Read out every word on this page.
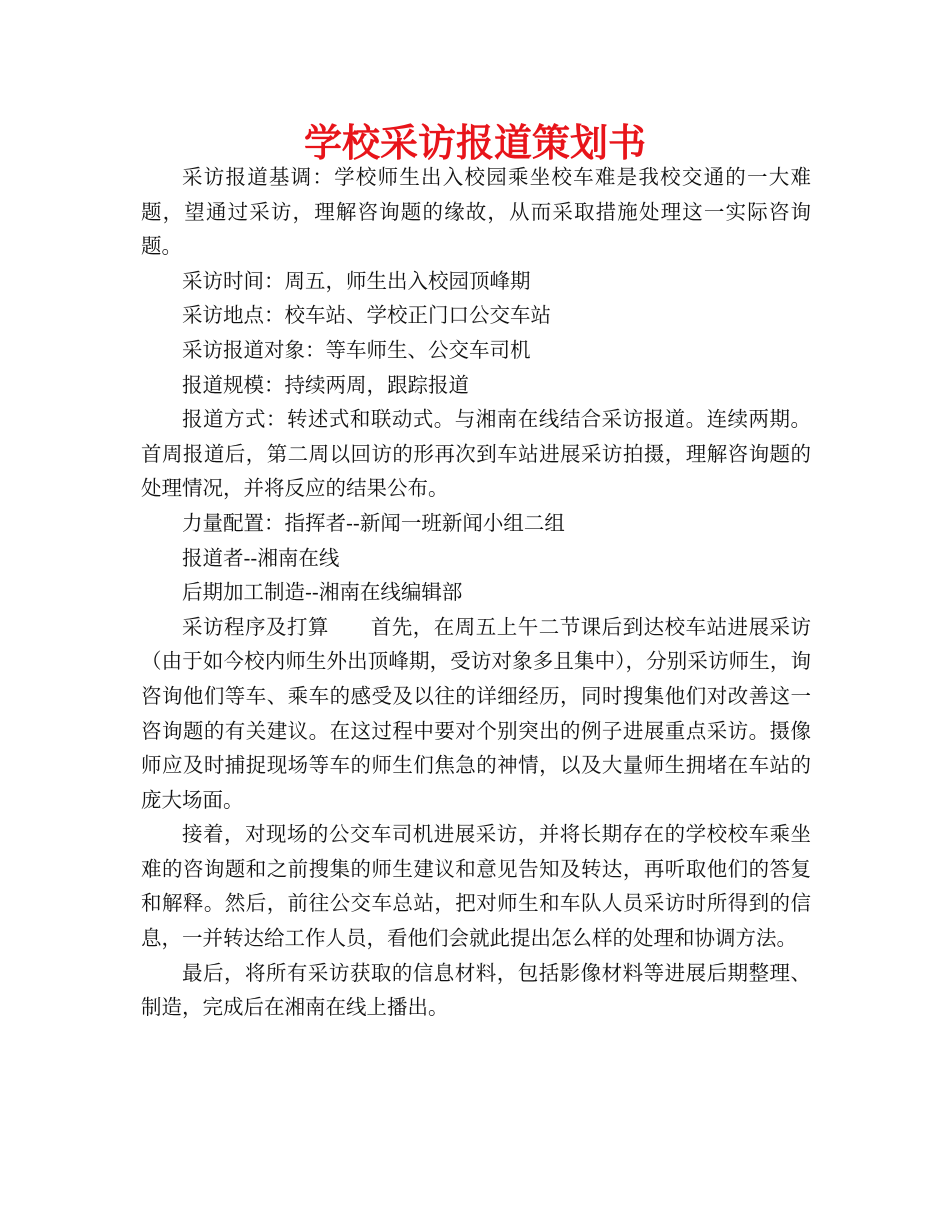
学校采访报道策划书

采访报道基调：学校师生出入校园乘坐校车难是我校交通的一大难题，望通过采访，理解咨询题的缘故，从而采取措施处理这一实际咨询题。

采访时间：周五，师生出入校园顶峰期

采访地点：校车站、学校正门口公交车站

采访报道对象：等车师生、公交车司机

报道规模：持续两周，跟踪报道

报道方式：转述式和联动式。与湘南在线结合采访报道。连续两期。首周报道后，第二周以回访的形再次到车站进展采访拍摄，理解咨询题的处理情况，并将反应的结果公布。

力量配置：指挥者--新闻一班新闻小组二组

报道者--湘南在线

后期加工制造--湘南在线编辑部

采访程序及打算　　首先，在周五上午二节课后到达校车站进展采访（由于如今校内师生外出顶峰期，受访对象多且集中），分别采访师生，询咨询他们等车、乘车的感受及以往的详细经历，同时搜集他们对改善这一咨询题的有关建议。在这过程中要对个别突出的例子进展重点采访。摄像师应及时捕捉现场等车的师生们焦急的神情，以及大量师生拥堵在车站的庞大场面。

接着，对现场的公交车司机进展采访，并将长期存在的学校校车乘坐难的咨询题和之前搜集的师生建议和意见告知及转达，再听取他们的答复和解释。然后，前往公交车总站，把对师生和车队人员采访时所得到的信息，一并转达给工作人员，看他们会就此提出怎么样的处理和协调方法。

最后，将所有采访获取的信息材料，包括影像材料等进展后期整理、制造，完成后在湘南在线上播出。
